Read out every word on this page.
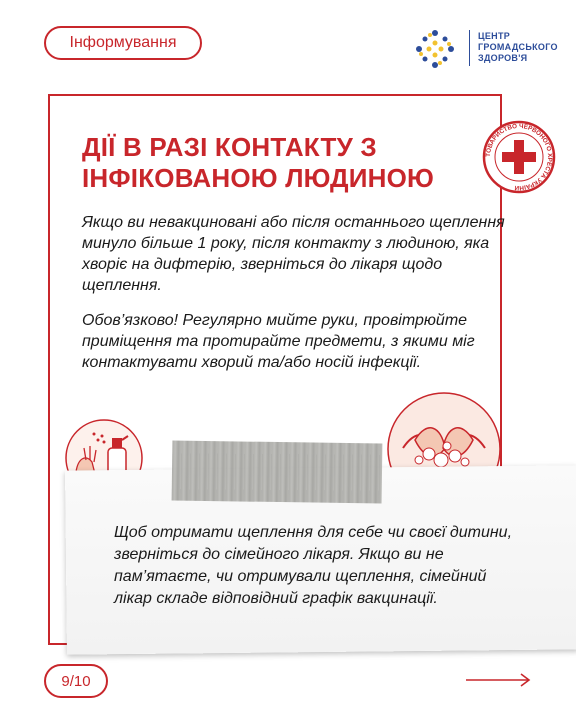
Інформування	ЦЕНТР
ГРОМАДСЬКОГО
ЗДОРОВ'Я
ТОВАРИСТВО ЧЕРВОНОГО ХРЕСТА УКРАЇНИ
ДІЇ В РАЗІ КОНТАКТУ З
ІНФІКОВАНОЮ ЛЮДИНОЮ
Якщо ви невакциновані або після останнього щеплення минуло більше 1 року, після контакту з людиною, яка хворіє на дифтерію, зверніться до лікаря щодо щеплення.
Обов’язково! Регулярно мийте руки, провітрюйте приміщення та протирайте предмети, з якими міг контактувати хворий та/або носій інфекції.
Щоб отримати щеплення для себе чи своєї дитини, зверніться до сімейного лікаря. Якщо ви не пам’ятаєте, чи отримували щеплення, сімейний лікар складе відповідний графік вакцинації.
9/10
